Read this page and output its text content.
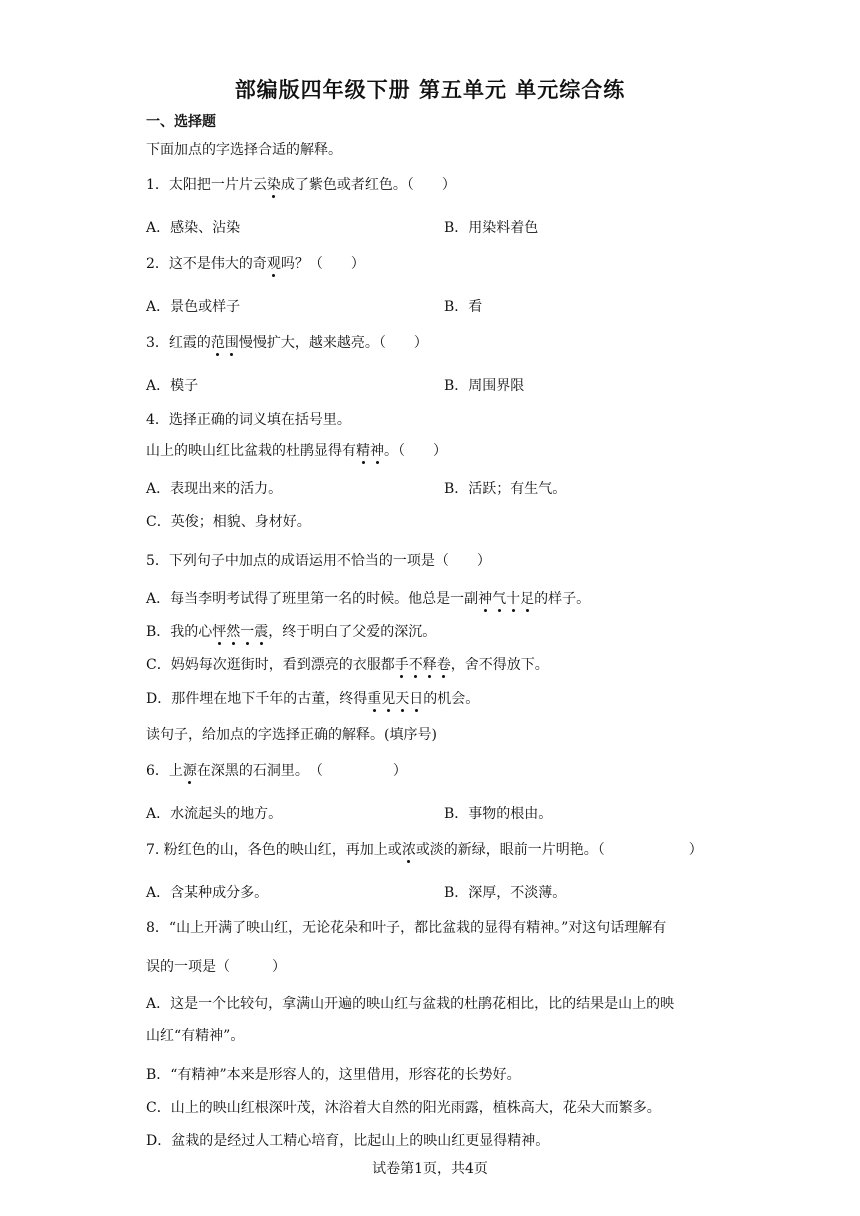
部编版四年级下册 第五单元 单元综合练
一、选择题
下面加点的字选择合适的解释。
1．太阳把一片片云染成了紫色或者红色。（　　）
A．感染、沾染	B．用染料着色
2．这不是伟大的奇观吗？（　　）
A．景色或样子	B．看
3．红霞的范围慢慢扩大，越来越亮。（　　）
A．模子	B．周围界限
4．选择正确的词义填在括号里。
山上的映山红比盆栽的杜鹃显得有精神。（　　）
A．表现出来的活力。	B．活跃；有生气。
C．英俊；相貌、身材好。
5．下列句子中加点的成语运用不恰当的一项是（　　）
A．每当李明考试得了班里第一名的时候。他总是一副神气十足的样子。
B．我的心怦然一震，终于明白了父爱的深沉。
C．妈妈每次逛街时，看到漂亮的衣服都手不释卷，舍不得放下。
D．那件埋在地下千年的古董，终得重见天日的机会。
读句子，给加点的字选择正确的解释。(填序号)
6．上源在深黑的石洞里。　（　　　　　）
A．水流起头的地方。	B．事物的根由。
7. 粉红色的山，各色的映山红，再加上或浓或淡的新绿，眼前一片明艳。（　　　　　　）
A．含某种成分多。	B．深厚，不淡薄。
8．“山上开满了映山红，无论花朵和叶子，都比盆栽的显得有精神。”对这句话理解有
误的一项是（　　　）
A．这是一个比较句，拿满山开遍的映山红与盆栽的杜鹃花相比，比的结果是山上的映
山红“有精神”。
B．“有精神”本来是形容人的，这里借用，形容花的长势好。
C．山上的映山红根深叶茂，沐浴着大自然的阳光雨露，植株高大，花朵大而繁多。
D．盆栽的是经过人工精心培育，比起山上的映山红更显得精神。
试卷第1页，共4页
